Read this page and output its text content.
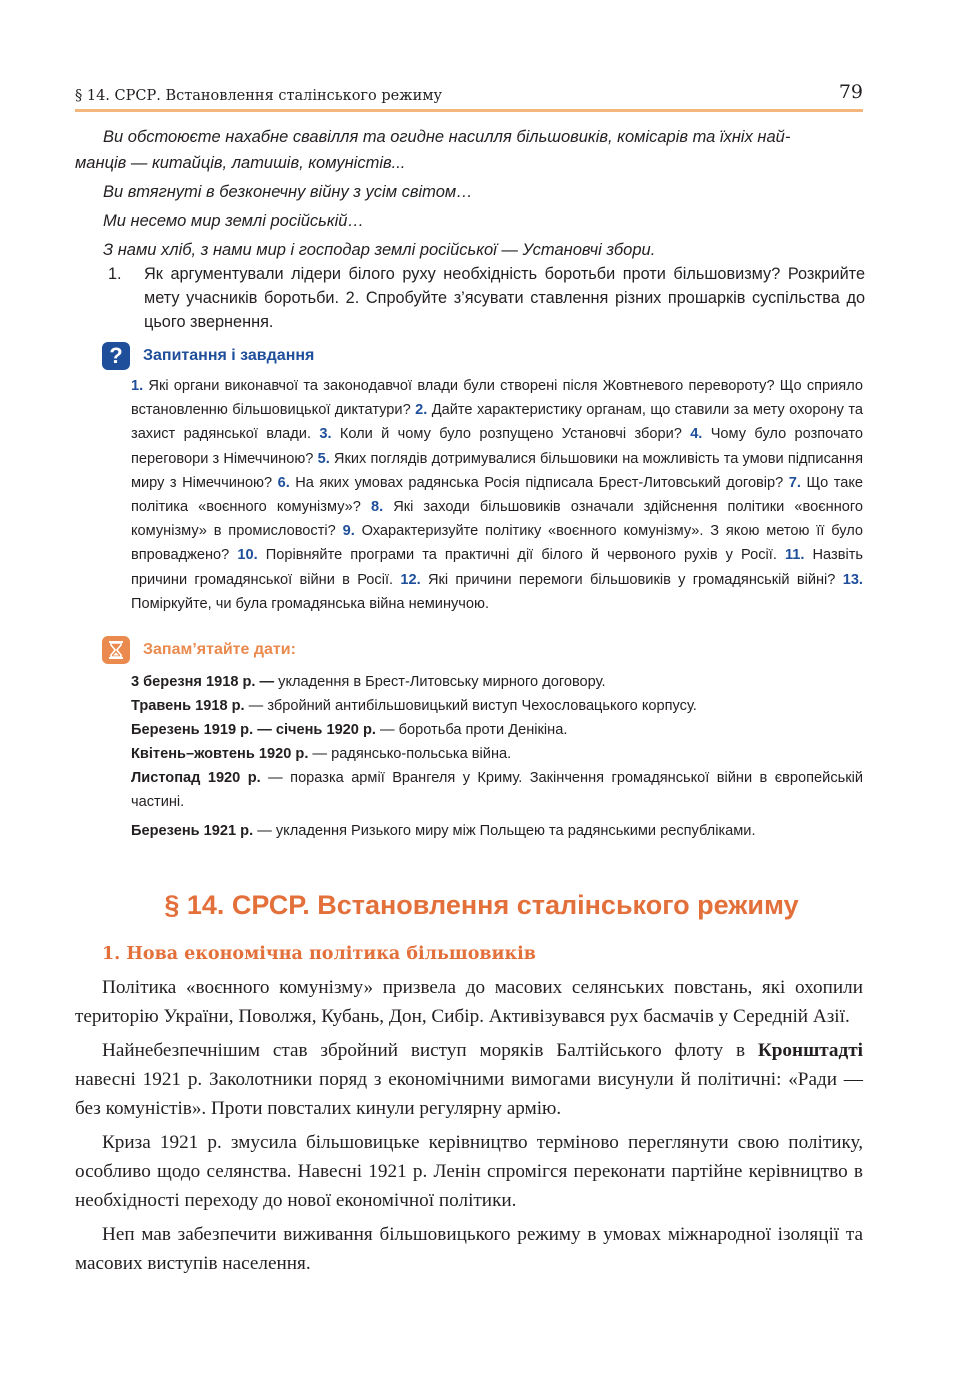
§ 14. СРСР. Встановлення сталінського режиму	79
Ви обстоюєте нахабне свавілля та огидне насилля більшовиків, комісарів та їхніх най-
манців — китайців, латишів, комуністів...
Ви втягнуті в безконечну війну з усім світом…
Ми несемо мир землі російській…
З нами хліб, з нами мир і господар землі російської — Установчі збори.
1.	Як аргументували лідери білого руху необхідність боротьби проти більшовизму? Розкрийте мету учасників боротьби. 2. Спробуйте з’ясувати ставлення різних прошарків суспільства до цього звернення.
?	Запитання і завдання
1. Які органи виконавчої та законодавчої влади були створені після Жовтневого перевороту? Що сприяло встановленню більшовицької диктатури? 2. Дайте характеристику органам, що ставили за мету охорону та захист радянської влади. 3. Коли й чому було розпущено Установчі збори? 4. Чому було розпочато переговори з Німеччиною? 5. Яких поглядів дотримувалися більшовики на можливість та умови підписання миру з Німеччиною? 6. На яких умовах радянська Росія підписала Брест-Литовський договір? 7. Що таке політика «воєнного комунізму»? 8. Які заходи більшовиків означали здійснення політики «воєнного комунізму» в промисловості? 9. Охарактеризуйте політику «воєнного комунізму». З якою метою її було впроваджено? 10. Порівняйте програми та практичні дії білого й червоного рухів у Росії. 11. Назвіть причини громадянської війни в Росії. 12. Які причини перемоги більшовиків у громадянській війні? 13. Поміркуйте, чи була громадянська війна неминучою.
Запам’ятайте дати:

3 березня 1918 р. — укладення в Брест-Литовську мирного договору.

Травень 1918 р. — збройний антибільшовицький виступ Чехословацького корпусу.

Березень 1919 р. — січень 1920 р. — боротьба проти Денікіна.

Квітень–жовтень 1920 р. — радянсько-польська війна.

Листопад 1920 р. — поразка армії Врангеля у Криму. Закінчення громадянської війни в європейській частині.

Березень 1921 р. — укладення Ризького миру між Польщею та радянськими республіками.

§ 14. СРСР. Встановлення сталінського режиму
1. Нова економічна політика більшовиків

Політика «воєнного комунізму» призвела до масових селянських повстань, які охопили територію України, Поволжя, Кубань, Дон, Сибір. Активізувався рух басмачів у Середній Азії.

Найнебезпечнішим став збройний виступ моряків Балтійського флоту в Кронштадті навесні 1921 р. Заколотники поряд з економічними вимогами висунули й політичні: «Ради — без комуністів». Проти повсталих кинули регулярну армію.

Криза 1921 р. змусила більшовицьке керівництво терміново переглянути свою політику, особливо щодо селянства. Навесні 1921 р. Ленін спромігся переконати партійне керівництво в необхідності переходу до нової економічної політики.

Неп мав забезпечити виживання більшовицького режиму в умовах міжнародної ізоляції та масових виступів населення.
